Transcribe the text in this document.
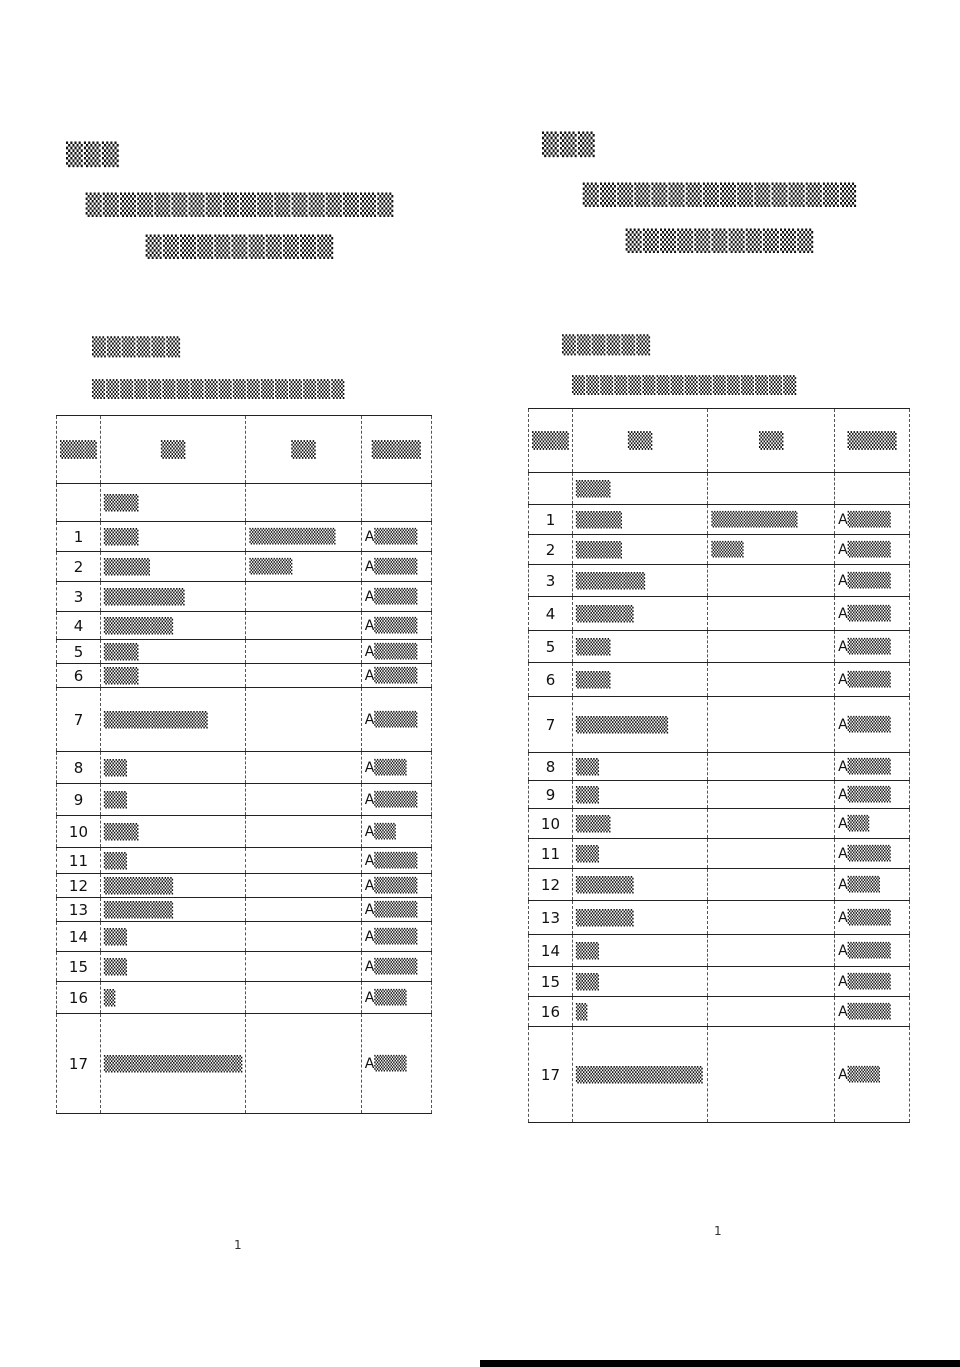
▒▒▒
▒▒▒▒▒▒▒▒▒▒▒▒▒▒▒▒▒▒
▒▒▒▒▒▒▒▒▒▒▒
▒▒▒▒▒▒
▒▒▒▒▒▒▒▒▒▒▒▒▒▒▒▒▒▒
▒▒▒	▒▒	▒▒	▒▒▒▒
	▒▒▒		
1	▒▒▒	▒▒▒▒▒▒▒▒	A▒▒▒▒
2	▒▒▒▒	▒▒▒▒	A▒▒▒▒
3	▒▒▒▒▒▒▒		A▒▒▒▒
4	▒▒▒▒▒▒		A▒▒▒▒
5	▒▒▒		A▒▒▒▒
6	▒▒▒		A▒▒▒▒
7	▒▒▒▒▒▒▒▒▒		A▒▒▒▒
8	▒▒		A▒▒▒
9	▒▒		A▒▒▒▒
10	▒▒▒		A▒▒
11	▒▒		A▒▒▒▒
12	▒▒▒▒▒▒		A▒▒▒▒
13	▒▒▒▒▒▒		A▒▒▒▒
14	▒▒		A▒▒▒▒
15	▒▒		A▒▒▒▒
16	▒		A▒▒▒
17	▒▒▒▒▒▒▒▒▒▒▒▒		A▒▒▒
1
▒▒▒
▒▒▒▒▒▒▒▒▒▒▒▒▒▒▒▒
▒▒▒▒▒▒▒▒▒▒▒
▒▒▒▒▒▒
▒▒▒▒▒▒▒▒▒▒▒▒▒▒▒▒
▒▒▒	▒▒	▒▒	▒▒▒▒
	▒▒▒		
1	▒▒▒▒	▒▒▒▒▒▒▒▒	A▒▒▒▒
2	▒▒▒▒	▒▒▒	A▒▒▒▒
3	▒▒▒▒▒▒		A▒▒▒▒
4	▒▒▒▒▒		A▒▒▒▒
5	▒▒▒		A▒▒▒▒
6	▒▒▒		A▒▒▒▒
7	▒▒▒▒▒▒▒▒		A▒▒▒▒
8	▒▒		A▒▒▒▒
9	▒▒		A▒▒▒▒
10	▒▒▒		A▒▒
11	▒▒		A▒▒▒▒
12	▒▒▒▒▒		A▒▒▒
13	▒▒▒▒▒		A▒▒▒▒
14	▒▒		A▒▒▒▒
15	▒▒		A▒▒▒▒
16	▒		A▒▒▒▒
17	▒▒▒▒▒▒▒▒▒▒▒		A▒▒▒
1
